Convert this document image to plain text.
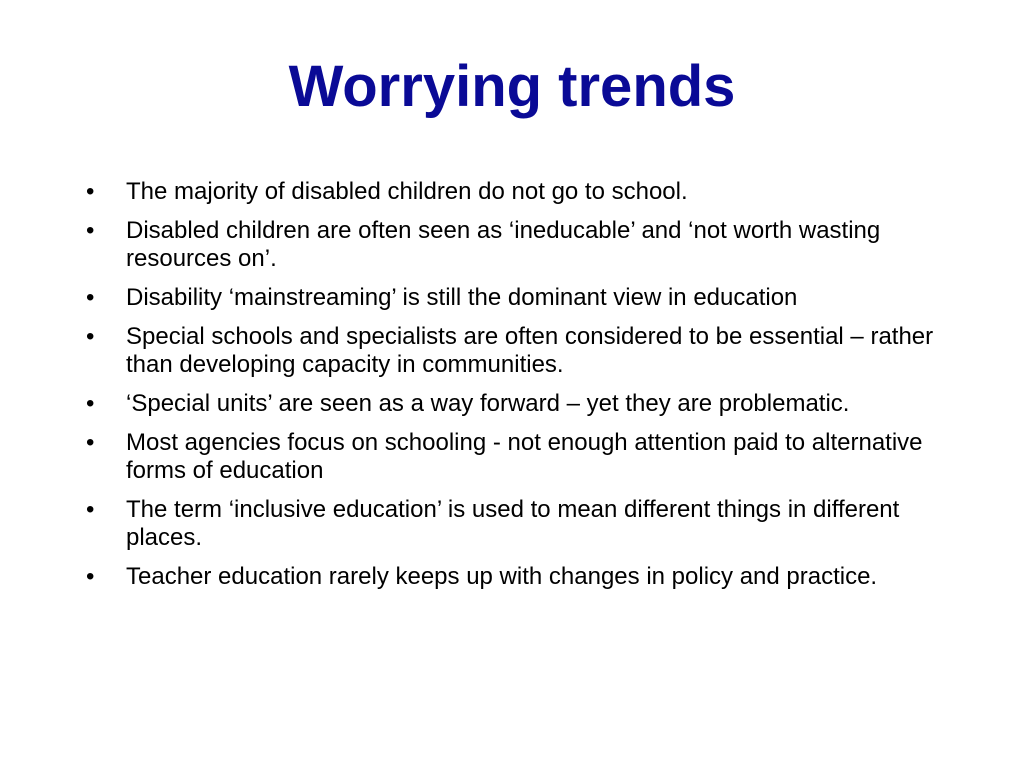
Worrying trends
•	The majority of disabled children do not go to school.
•	Disabled children are often seen as ‘ineducable’ and ‘not worth wasting resources on’.
•	Disability ‘mainstreaming’ is still the dominant view in education
•	Special schools and specialists are often considered to be essential – rather than developing capacity in communities.
•	‘Special units’ are seen as a way forward – yet they are problematic.
•	Most agencies focus on schooling - not enough attention paid to alternative forms of education
•	The term ‘inclusive education’ is used to mean different things in different places.
•	Teacher education rarely keeps up with changes in policy and practice.
